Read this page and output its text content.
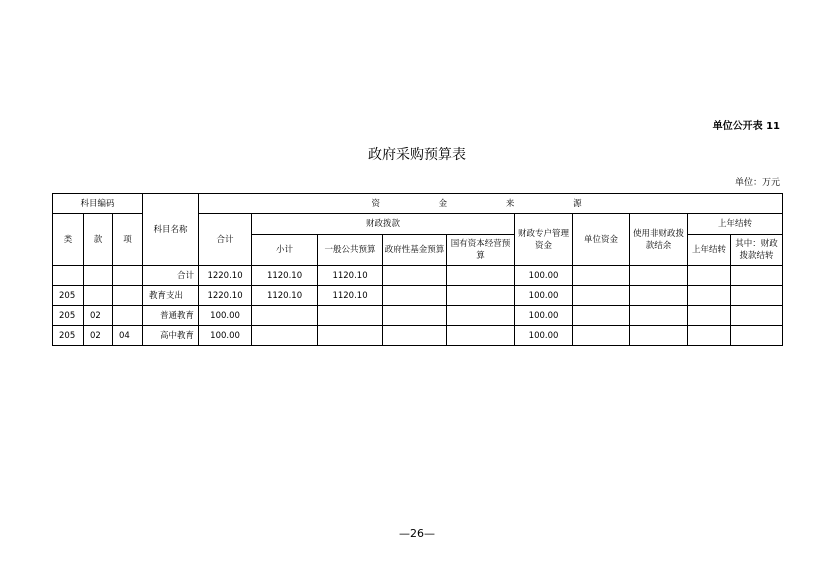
单位公开表 11
政府采购预算表
单位：万元
科目编码			科目名称	资 金 来 源									
类	款	项		合计	财政拨款				财政专户管理资金	单位资金	使用非财政拨款结余	上年结转	
					小计	一般公共预算	政府性基金预算	国有资本经营预算				上年结转	其中：财政拨款结转
			合计	1220.10	1120.10	1120.10			100.00				
205			教育支出	1220.10	1120.10	1120.10			100.00				
205	02		普通教育	100.00					100.00				
205	02	04	高中教育	100.00					100.00				
—26—
